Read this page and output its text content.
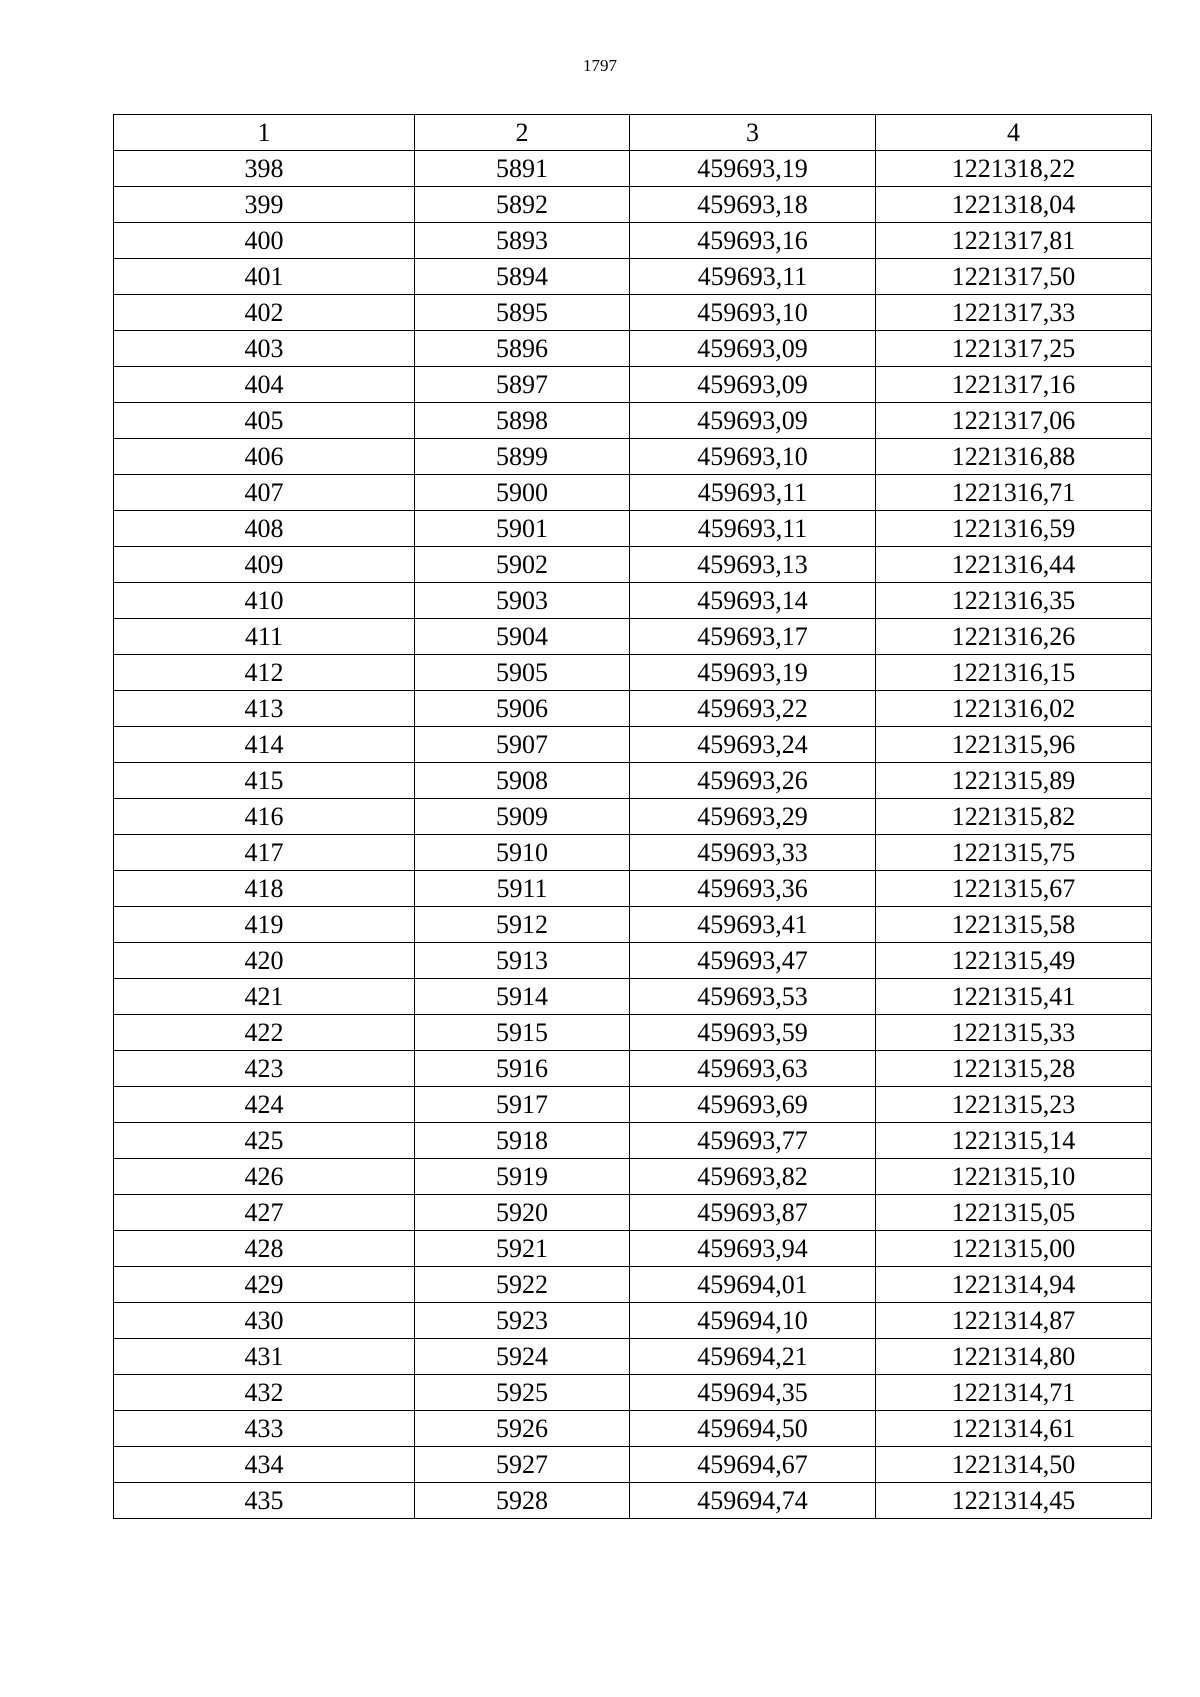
1797
1	2	3	4
398	5891	459693,19	1221318,22
399	5892	459693,18	1221318,04
400	5893	459693,16	1221317,81
401	5894	459693,11	1221317,50
402	5895	459693,10	1221317,33
403	5896	459693,09	1221317,25
404	5897	459693,09	1221317,16
405	5898	459693,09	1221317,06
406	5899	459693,10	1221316,88
407	5900	459693,11	1221316,71
408	5901	459693,11	1221316,59
409	5902	459693,13	1221316,44
410	5903	459693,14	1221316,35
411	5904	459693,17	1221316,26
412	5905	459693,19	1221316,15
413	5906	459693,22	1221316,02
414	5907	459693,24	1221315,96
415	5908	459693,26	1221315,89
416	5909	459693,29	1221315,82
417	5910	459693,33	1221315,75
418	5911	459693,36	1221315,67
419	5912	459693,41	1221315,58
420	5913	459693,47	1221315,49
421	5914	459693,53	1221315,41
422	5915	459693,59	1221315,33
423	5916	459693,63	1221315,28
424	5917	459693,69	1221315,23
425	5918	459693,77	1221315,14
426	5919	459693,82	1221315,10
427	5920	459693,87	1221315,05
428	5921	459693,94	1221315,00
429	5922	459694,01	1221314,94
430	5923	459694,10	1221314,87
431	5924	459694,21	1221314,80
432	5925	459694,35	1221314,71
433	5926	459694,50	1221314,61
434	5927	459694,67	1221314,50
435	5928	459694,74	1221314,45
